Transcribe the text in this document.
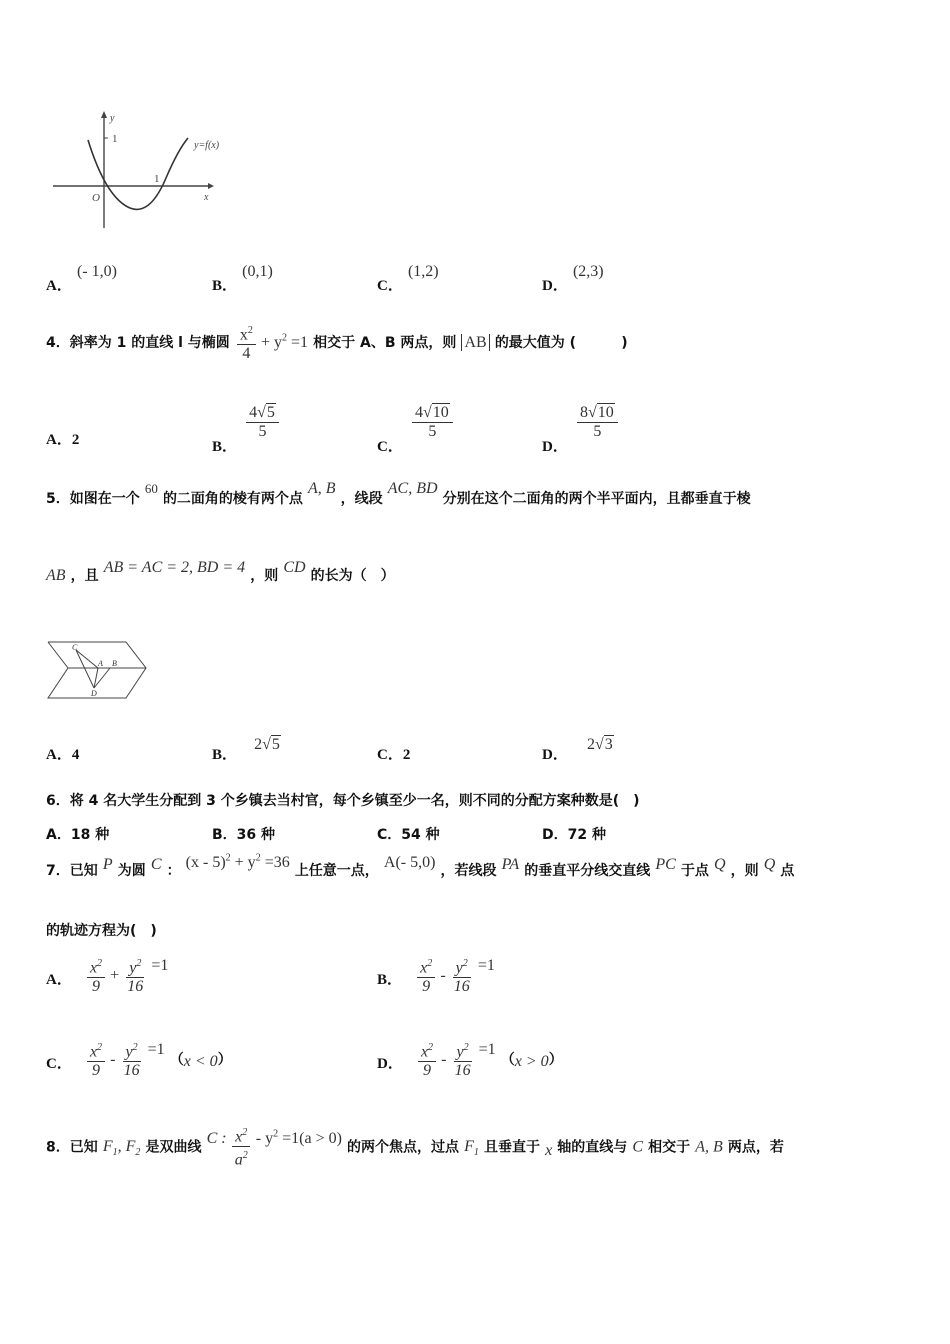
y
1
y=f(x)
1
O	x
A． (- 1,0)
B． (0,1)
C． (1,2)
D． (2,3)
4．斜率为 1 的直线 l 与椭圆 $\frac{x^2}{4} + y^2 =1$ 相交于 A、B 两点，则 AB 的最大值为 (	)
A．2	B．
$\frac{4√5}{5}$
C．
$\frac{4√10}{5}$
D．
$\frac{8√10}{5}$
5．如图在一个 $^{60}$ 的二面角的棱有两个点 A, B ，线段 AC, BD 分别在这个二面角的两个半平面内，且都垂直于棱
AB ，且 AB = AC = 2, BD = 4 ，则 CD 的长为（　）
C
A B
D
A．4	B． 2√5
C．2	D． 2√3
6．将 4 名大学生分配到 3 个乡镇去当村官，每个乡镇至少一名，则不同的分配方案种数是(　)
A．18 种	B．36 种	C．54 种	D．72 种
7．已知 P 为圆 C ： $(x - 5)^2 + y^2 =36$ 上任意一点， A(- 5,0) ，若线段 PA 的垂直平分线交直线 PC 于点 Q ，则 Q 点
的轨迹方程为(　)
A． $\frac{x^2}{9} + \frac{y^2}{16} =1$
B． $\frac{x^2}{9} - \frac{y^2}{16} =1$
C． $\frac{x^2}{9} - \frac{y^2}{16} =1$ （x < 0）	D． $\frac{x^2}{9} - \frac{y^2}{16} =1$ （x > 0）
8．已知 $F_1$, $F_2$ 是双曲线 C : $\frac{x^2}{a^2} - y^2 =1(a > 0)$ 的两个焦点，过点 $F_1$ 且垂直于 x 轴的直线与 C 相交于 A, B 两点，若
